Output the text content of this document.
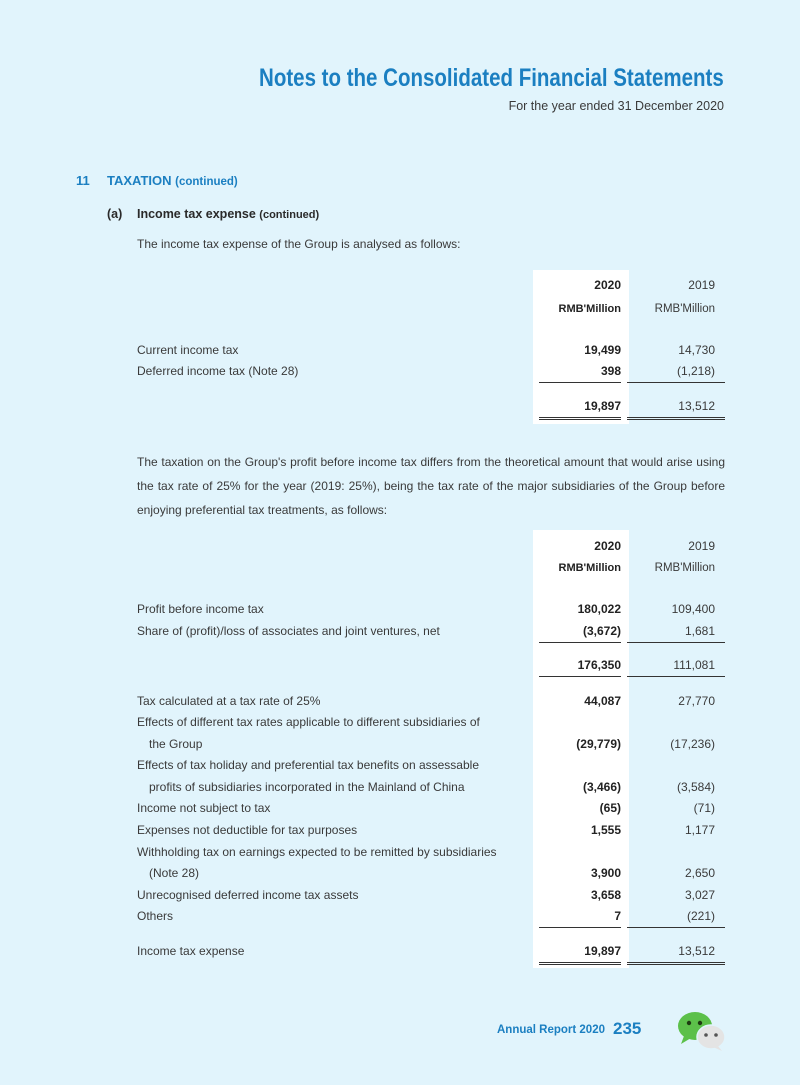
Notes to the Consolidated Financial Statements
For the year ended 31 December 2020
11 TAXATION (continued)
(a) Income tax expense (continued)
The income tax expense of the Group is analysed as follows:
2020	2019
RMB'Million	RMB'Million
Current income tax	19,499	14,730
Deferred income tax (Note 28)	398	(1,218)
19,897	13,512
The taxation on the Group's profit before income tax differs from the theoretical amount that would arise using the tax rate of 25% for the year (2019: 25%), being the tax rate of the major subsidiaries of the Group before enjoying preferential tax treatments, as follows:
2020	2019
RMB'Million	RMB'Million
Profit before income tax	180,022	109,400
Share of (profit)/loss of associates and joint ventures, net	(3,672)	1,681
176,350	111,081
Tax calculated at a tax rate of 25%	44,087	27,770
Effects of different tax rates applicable to different subsidiaries of
the Group	(29,779)	(17,236)
Effects of tax holiday and preferential tax benefits on assessable
profits of subsidiaries incorporated in the Mainland of China	(3,466)	(3,584)
Income not subject to tax	(65)	(71)
Expenses not deductible for tax purposes	1,555	1,177
Withholding tax on earnings expected to be remitted by subsidiaries
(Note 28)	3,900	2,650
Unrecognised deferred income tax assets	3,658	3,027
Others	7	(221)
Income tax expense	19,897	13,512
Annual Report 2020 235
